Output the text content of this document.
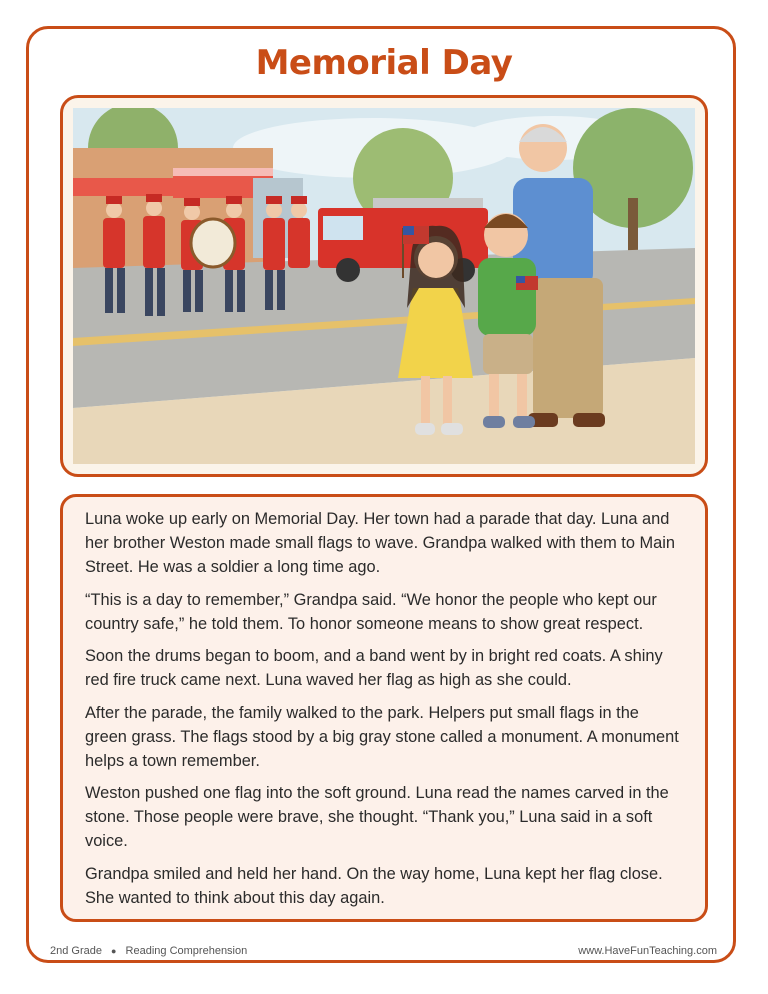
Memorial Day

Luna woke up early on Memorial Day. Her town had a parade that day. Luna and her brother Weston made small flags to wave. Grandpa walked with them to Main Street. He was a soldier a long time ago.

“This is a day to remember,” Grandpa said. “We honor the people who kept our country safe,” he told them. To honor someone means to show great respect.

Soon the drums began to boom, and a band went by in bright red coats. A shiny red fire truck came next. Luna waved her flag as high as she could.

After the parade, the family walked to the park. Helpers put small flags in the green grass. The flags stood by a big gray stone called a monument. A monument helps a town remember.

Weston pushed one flag into the soft ground. Luna read the names carved in the stone. Those people were brave, she thought. “Thank you,” Luna said in a soft voice.

Grandpa smiled and held her hand. On the way home, Luna kept her flag close. She wanted to think about this day again.

2nd Grade ● Reading Comprehension	www.HaveFunTeaching.com
